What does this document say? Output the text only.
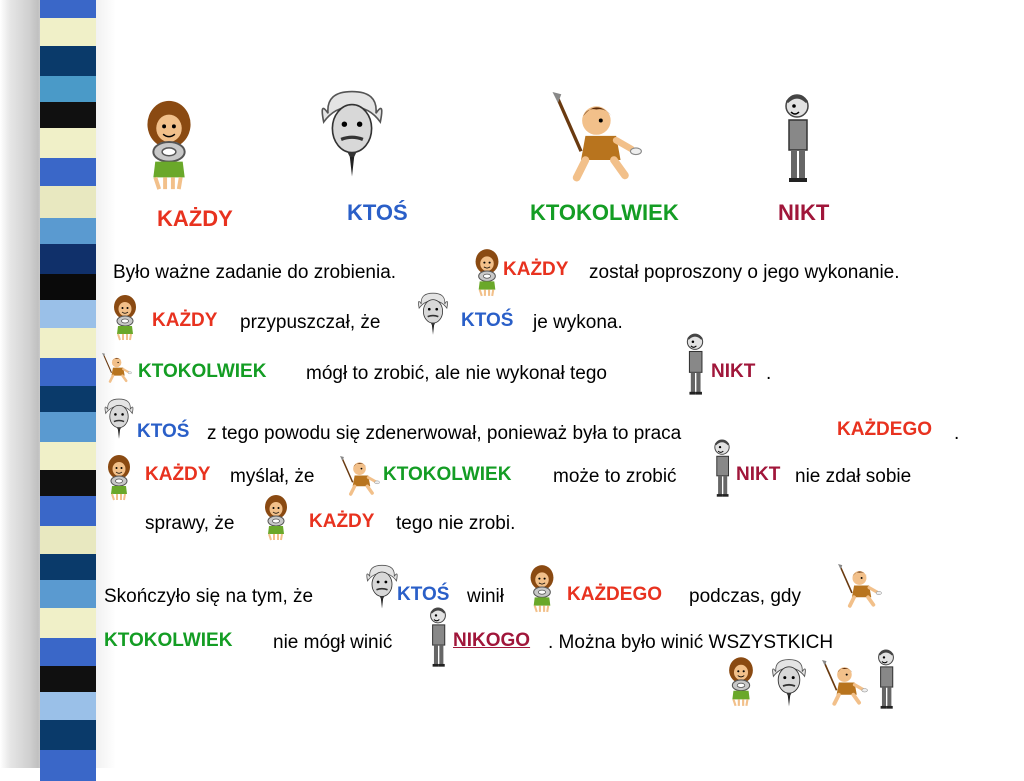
KAŻDY	KTOŚ	KTOKOLWIEK	NIKT
Było ważne zadanie do zrobienia.	KAŻDY został poproszony o jego wykonanie.
KAŻDY przypuszczał, że	KTOŚ je wykona.
KTOKOLWIEK mógł to zrobić, ale nie wykonał tego	NIKT .
KTOŚ z tego powodu się zdenerwował, ponieważ była to praca	KAŻDEGO .
KAŻDY myślał, że	KTOKOLWIEK może to zrobić	NIKT nie zdał sobie
sprawy, że	KAŻDY tego nie zrobi.
Skończyło się na tym, że	KTOŚ winił	KAŻDEGO podczas, gdy
KTOKOLWIEK nie mógł winić	NIKOGO . Można było winić WSZYSTKICH
